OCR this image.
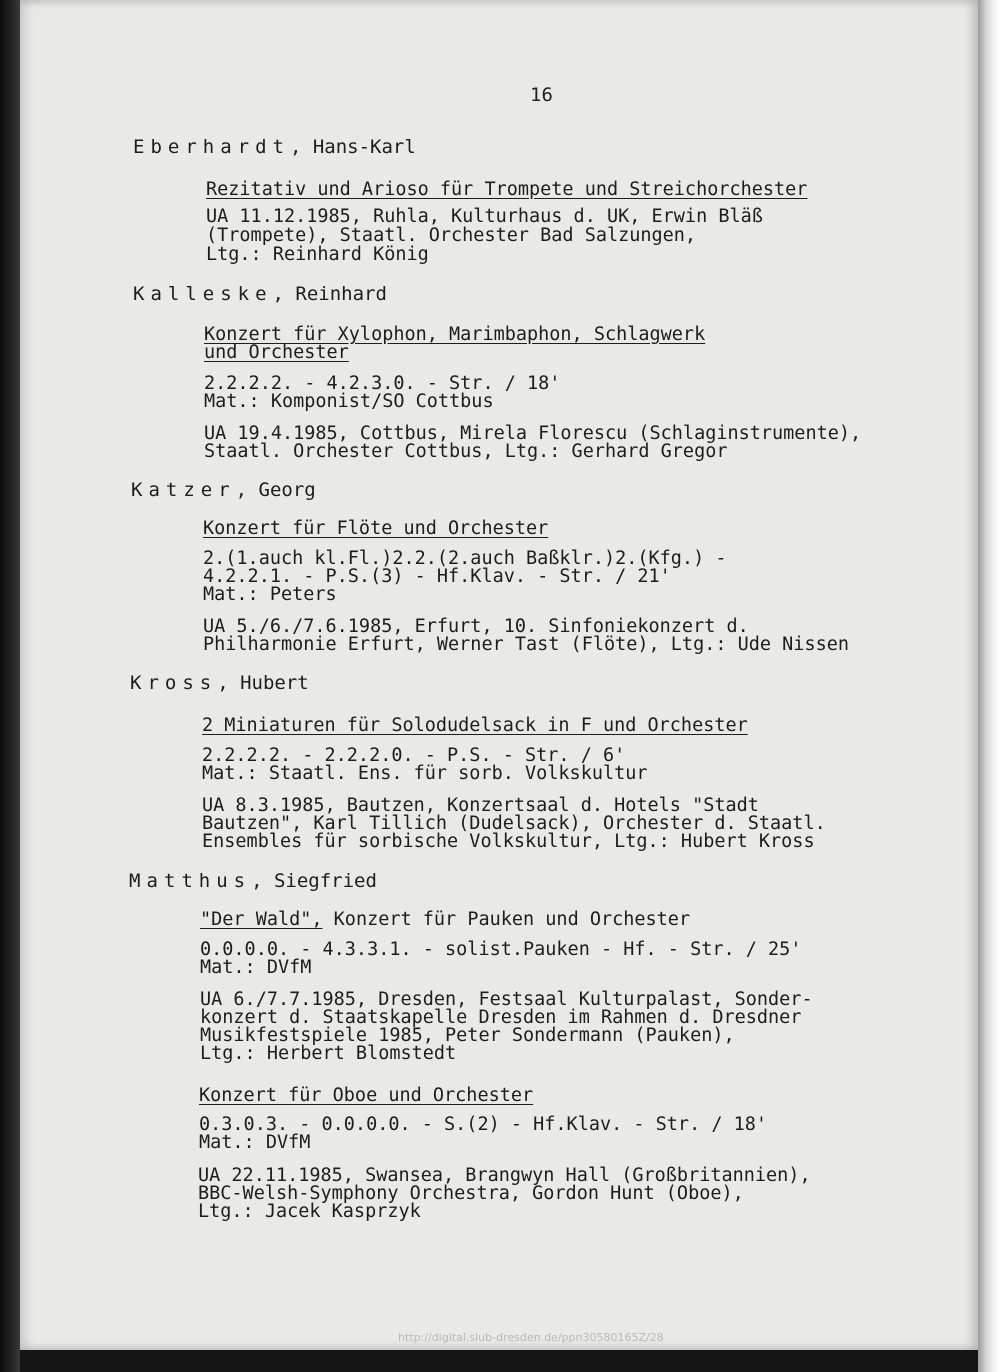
16
Eberhardt, Hans-Karl
Rezitativ und Arioso für Trompete und Streichorchester
UA 11.12.1985, Ruhla, Kulturhaus d. UK, Erwin Bläß
(Trompete), Staatl. Orchester Bad Salzungen,
Ltg.: Reinhard König
Kalleske, Reinhard
Konzert für Xylophon, Marimbaphon, Schlagwerk
und Orchester
2.2.2.2. - 4.2.3.0. - Str. / 18'
Mat.: Komponist/SO Cottbus
UA 19.4.1985, Cottbus, Mirela Florescu (Schlaginstrumente),
Staatl. Orchester Cottbus, Ltg.: Gerhard Gregor
Katzer, Georg
Konzert für Flöte und Orchester
2.(1.auch kl.Fl.)2.2.(2.auch Baßklr.)2.(Kfg.) -
4.2.2.1. - P.S.(3) - Hf.Klav. - Str. / 21'
Mat.: Peters
UA 5./6./7.6.1985, Erfurt, 10. Sinfoniekonzert d.
Philharmonie Erfurt, Werner Tast (Flöte), Ltg.: Ude Nissen
Kross, Hubert
2 Miniaturen für Solodudelsack in F und Orchester
2.2.2.2. - 2.2.2.0. - P.S. - Str. / 6'
Mat.: Staatl. Ens. für sorb. Volkskultur
UA 8.3.1985, Bautzen, Konzertsaal d. Hotels "Stadt
Bautzen", Karl Tillich (Dudelsack), Orchester d. Staatl.
Ensembles für sorbische Volkskultur, Ltg.: Hubert Kross
Matthus, Siegfried
"Der Wald", Konzert für Pauken und Orchester
0.0.0.0. - 4.3.3.1. - solist.Pauken - Hf. - Str. / 25'
Mat.: DVfM
UA 6./7.7.1985, Dresden, Festsaal Kulturpalast, Sonder-
konzert d. Staatskapelle Dresden im Rahmen d. Dresdner
Musikfestspiele 1985, Peter Sondermann (Pauken),
Ltg.: Herbert Blomstedt
Konzert für Oboe und Orchester
0.3.0.3. - 0.0.0.0. - S.(2) - Hf.Klav. - Str. / 18'
Mat.: DVfM
UA 22.11.1985, Swansea, Brangwyn Hall (Großbritannien),
BBC-Welsh-Symphony Orchestra, Gordon Hunt (Oboe),
Ltg.: Jacek Kasprzyk
http://digital.slub-dresden.de/ppn30580165Z/28
